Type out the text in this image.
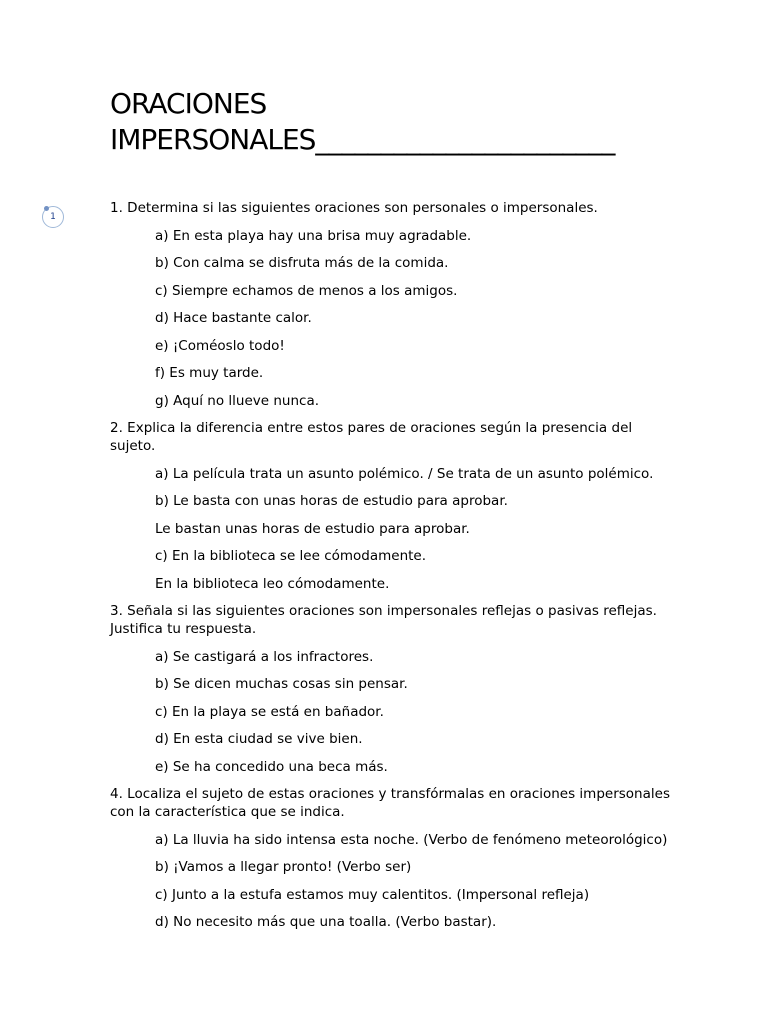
ORACIONES
IMPERSONALES_______________________
1

1. Determina si las siguientes oraciones son personales o impersonales.

a) En esta playa hay una brisa muy agradable.

b) Con calma se disfruta más de la comida.

c) Siempre echamos de menos a los amigos.

d) Hace bastante calor.

e) ¡Coméoslo todo!

f) Es muy tarde.

g) Aquí no llueve nunca.

2. Explica la diferencia entre estos pares de oraciones según la presencia del sujeto.

a) La película trata un asunto polémico. / Se trata de un asunto polémico.

b) Le basta con unas horas de estudio para aprobar.

Le bastan unas horas de estudio para aprobar.

c) En la biblioteca se lee cómodamente.

En la biblioteca leo cómodamente.

3. Señala si las siguientes oraciones son impersonales reflejas o pasivas reflejas. Justifica tu respuesta.

a) Se castigará a los infractores.

b) Se dicen muchas cosas sin pensar.

c) En la playa se está en bañador.

d) En esta ciudad se vive bien.

e) Se ha concedido una beca más.

4. Localiza el sujeto de estas oraciones y transfórmalas en oraciones impersonales con la característica que se indica.

a) La lluvia ha sido intensa esta noche. (Verbo de fenómeno meteorológico)

b) ¡Vamos a llegar pronto! (Verbo ser)

c) Junto a la estufa estamos muy calentitos. (Impersonal refleja)

d) No necesito más que una toalla. (Verbo bastar).
